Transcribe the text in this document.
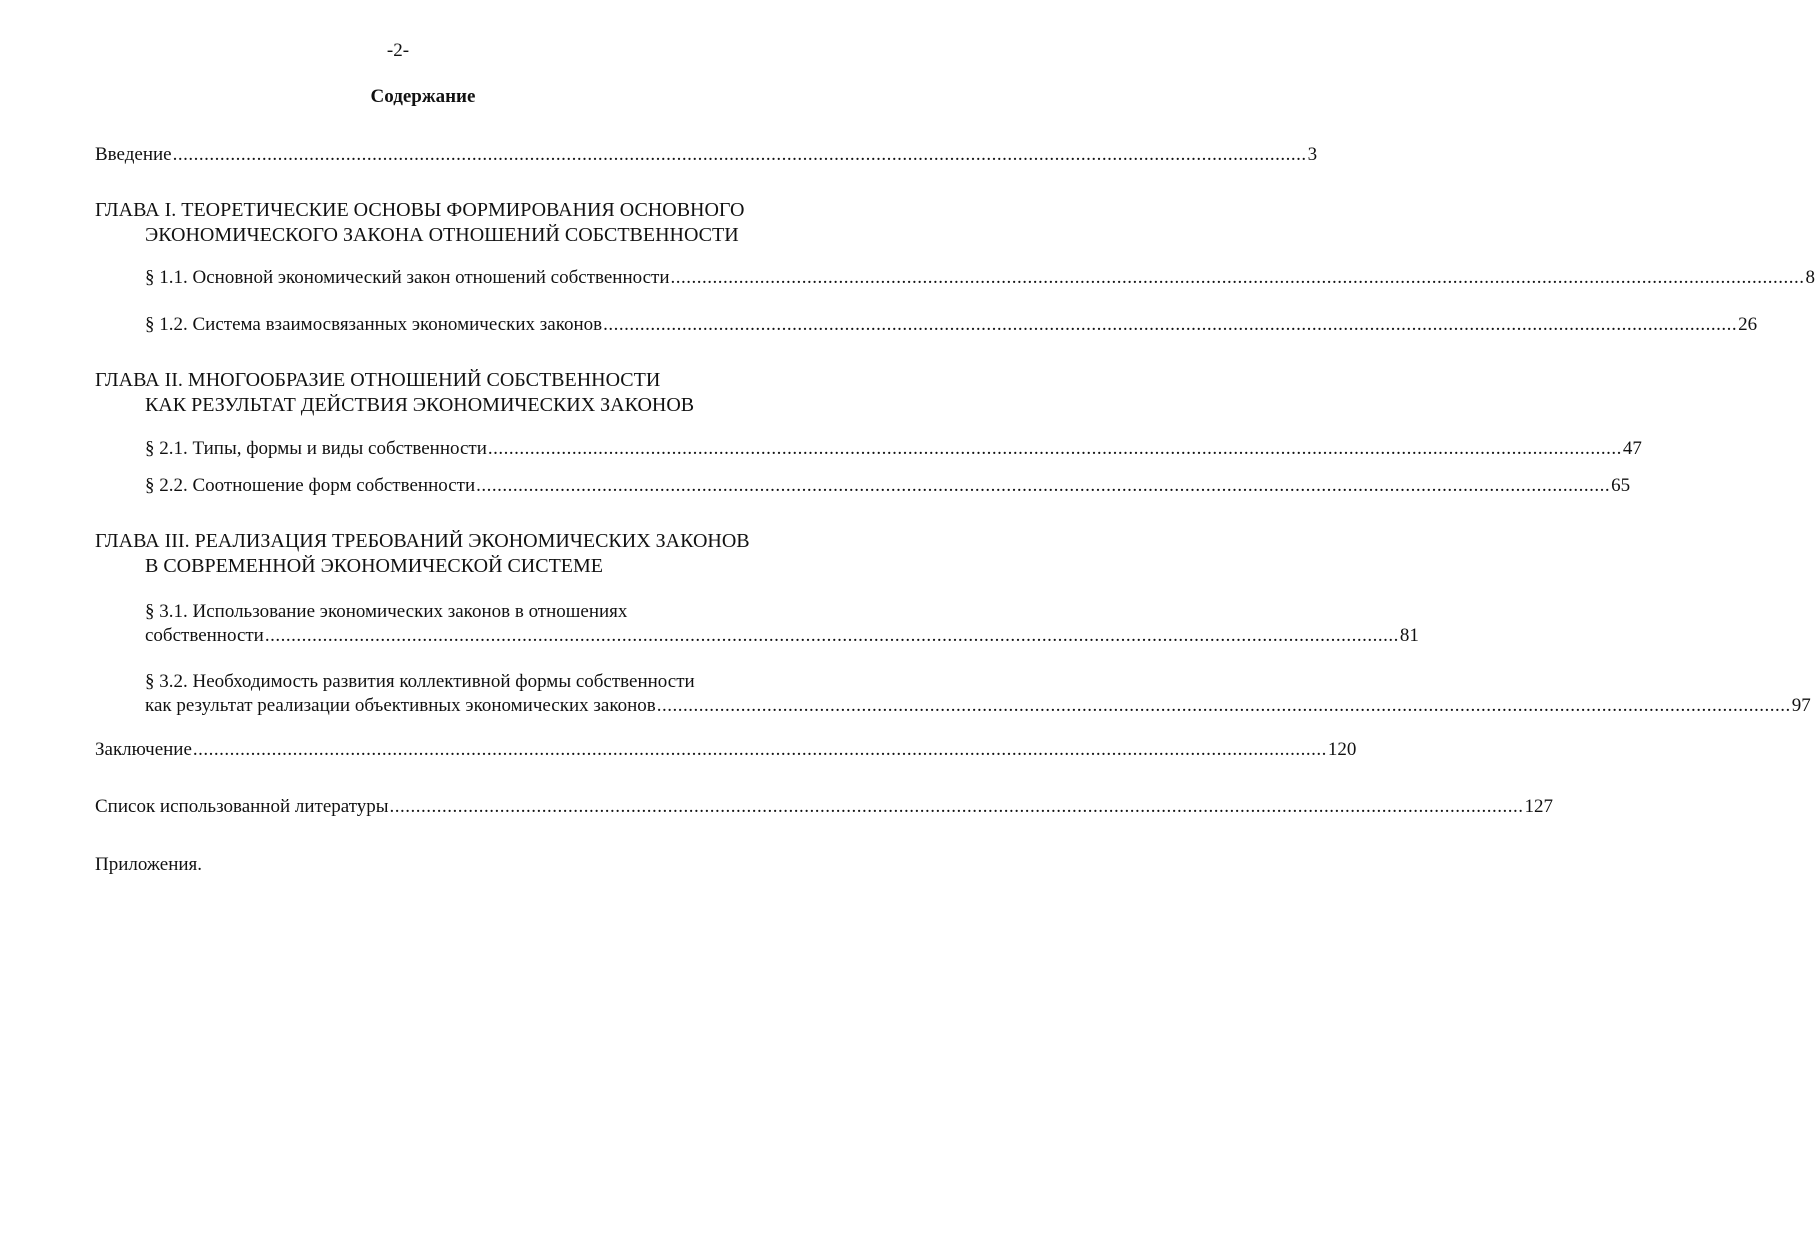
-2-
Содержание
Введение ........................................................................................................................................................................................................................ 3
ГЛАВА I. ТЕОРЕТИЧЕСКИЕ ОСНОВЫ ФОРМИРОВАНИЯ ОСНОВНОГО
ЭКОНОМИЧЕСКОГО ЗАКОНА ОТНОШЕНИЙ СОБСТВЕННОСТИ
§ 1.1. Основной экономический закон отношений собственности ........................................................................................................................................................................................................................ 8
§ 1.2. Система взаимосвязанных экономических законов ........................................................................................................................................................................................................................ 26
ГЛАВА II. МНОГООБРАЗИЕ ОТНОШЕНИЙ СОБСТВЕННОСТИ
КАК РЕЗУЛЬТАТ ДЕЙСТВИЯ ЭКОНОМИЧЕСКИХ ЗАКОНОВ
§ 2.1. Типы, формы и виды собственности ........................................................................................................................................................................................................................ 47
§ 2.2. Соотношение форм собственности ........................................................................................................................................................................................................................ 65
ГЛАВА III. РЕАЛИЗАЦИЯ ТРЕБОВАНИЙ ЭКОНОМИЧЕСКИХ ЗАКОНОВ
В СОВРЕМЕННОЙ ЭКОНОМИЧЕСКОЙ СИСТЕМЕ
§ 3.1. Использование экономических законов в отношениях
собственности ........................................................................................................................................................................................................................ 81
§ 3.2. Необходимость развития коллективной формы собственности
как результат реализации объективных экономических законов ........................................................................................................................................................................................................................ 97
Заключение ........................................................................................................................................................................................................................ 120
Список использованной литературы ........................................................................................................................................................................................................................ 127
Приложения.
